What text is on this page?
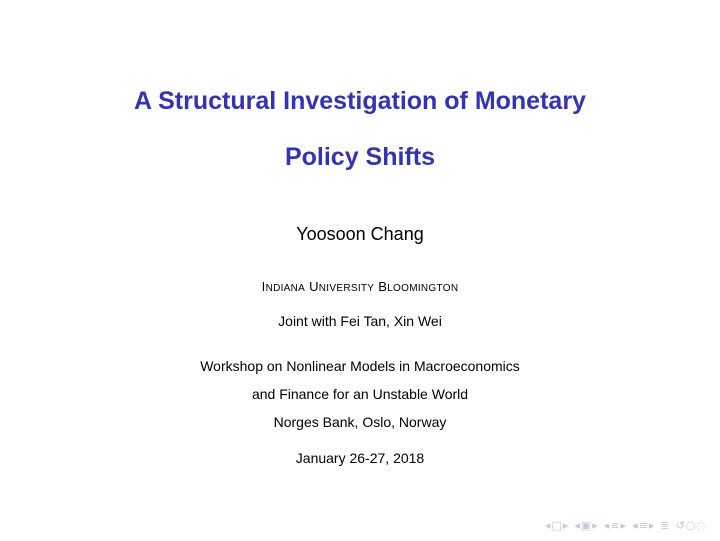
A Structural Investigation of Monetary
Policy Shifts
Yoosoon Chang
INDIANA UNIVERSITY BLOOMINGTON
Joint with Fei Tan, Xin Wei
Workshop on Nonlinear Models in Macroeconomics
and Finance for an Unstable World
Norges Bank, Oslo, Norway
January 26-27, 2018
◂ □ ▸ ◂ ▣ ▸ ◂ ≡ ▸ ◂ ≡ ▸ ≣ ↺ ○ ◌
